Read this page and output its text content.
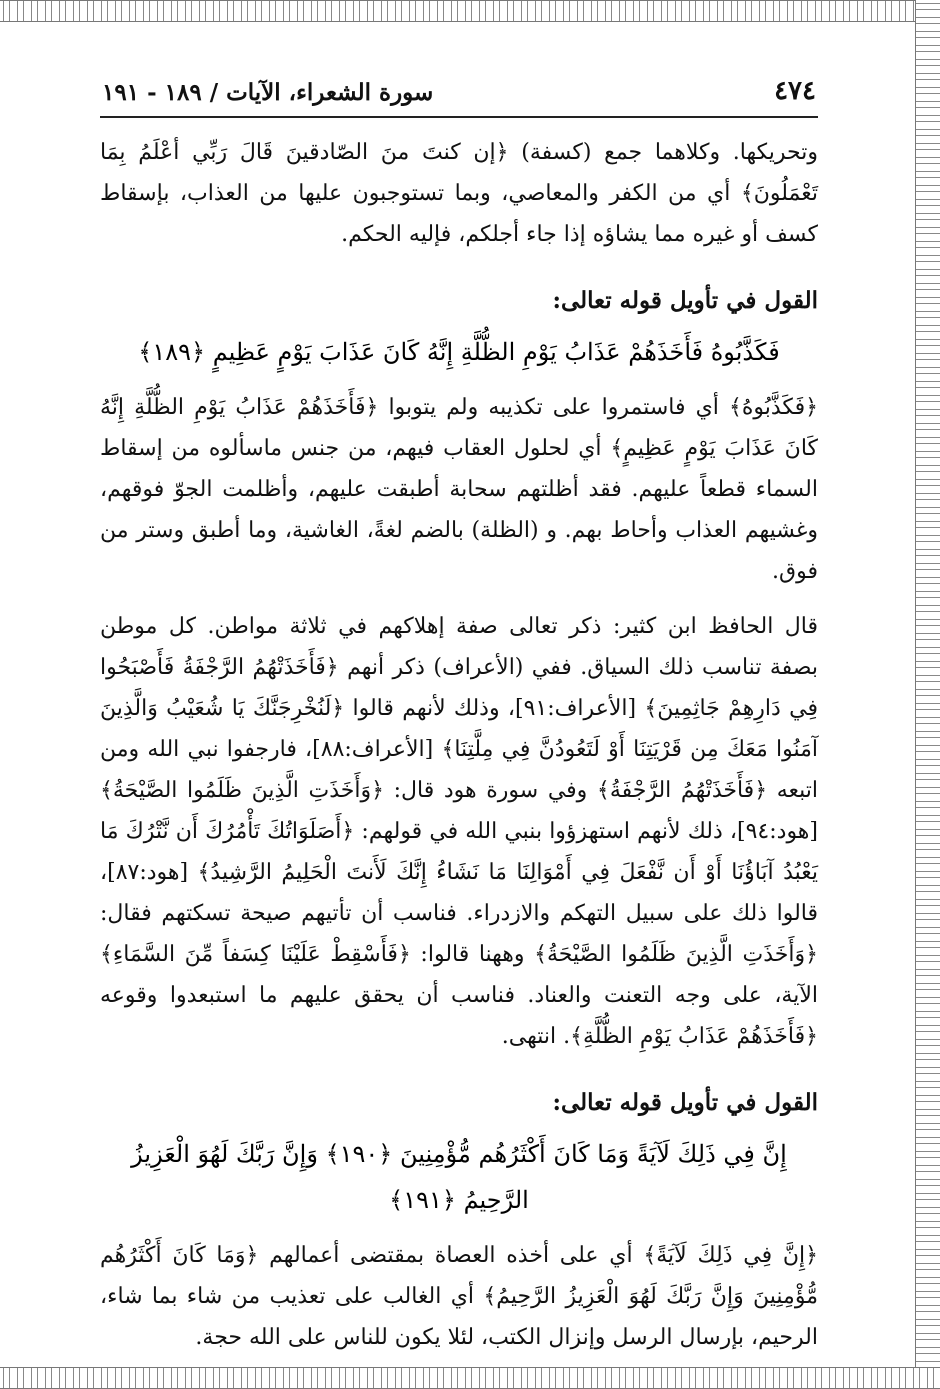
٤٧٤
سورة الشعراء، الآيات / ١٨٩ - ١٩١

وتحريكها. وكلاهما جمع (كسفة) ﴿إن كنتَ منَ الصّادقينَ قَالَ رَبِّي أعْلَمُ بِمَا تَعْمَلُونَ﴾ أي من الكفر والمعاصي، وبما تستوجبون عليها من العذاب، بإسقاط كسف أو غيره مما يشاؤه إذا جاء أجلكم، فإليه الحكم.

القول في تأويل قوله تعالى:
فَكَذَّبُوهُ فَأَخَذَهُمْ عَذَابُ يَوْمِ الظُّلَّةِ إِنَّهُ كَانَ عَذَابَ يَوْمٍ عَظِيمٍ ﴿١٨٩﴾

﴿فَكَذَّبُوهُ﴾ أي فاستمروا على تكذيبه ولم يتوبوا ﴿فَأَخَذَهُمْ عَذَابُ يَوْمِ الظُّلَّةِ إِنَّهُ كَانَ عَذَابَ يَوْمٍ عَظِيمٍ﴾ أي لحلول العقاب فيهم، من جنس ماسألوه من إسقاط السماء قطعاً عليهم. فقد أظلتهم سحابة أطبقت عليهم، وأظلمت الجوّ فوقهم، وغشيهم العذاب وأحاط بهم. و (الظلة) بالضم لغةً، الغاشية، وما أطبق وستر من فوق.

قال الحافظ ابن كثير: ذكر تعالى صفة إهلاكهم في ثلاثة مواطن. كل موطن بصفة تناسب ذلك السياق. ففي (الأعراف) ذكر أنهم ﴿فَأَخَذَتْهُمُ الرَّجْفَةُ فَأَصْبَحُوا فِي دَارِهِمْ جَاثِمِينَ﴾ [الأعراف:٩١]، وذلك لأنهم قالوا ﴿لَنُخْرِجَنَّكَ يَا شُعَيْبُ وَالَّذِينَ آمَنُوا مَعَكَ مِن قَرْيَتِنَا أَوْ لَتَعُودُنَّ فِي مِلَّتِنَا﴾ [الأعراف:٨٨]، فارجفوا نبي الله ومن اتبعه ﴿فَأَخَذَتْهُمُ الرَّجْفَةُ﴾ وفي سورة هود قال: ﴿وَأَخَذَتِ الَّذِينَ ظَلَمُوا الصَّيْحَةُ﴾ [هود:٩٤]، ذلك لأنهم استهزؤوا بنبي الله في قولهم: ﴿أَصَلَوَاتُكَ تَأْمُرُكَ أَن نَّتْرُكَ مَا يَعْبُدُ آبَاؤُنَا أَوْ أَن نَّفْعَلَ فِي أَمْوَالِنَا مَا نَشَاءُ إِنَّكَ لَأَنتَ الْحَلِيمُ الرَّشِيدُ﴾ [هود:٨٧]، قالوا ذلك على سبيل التهكم والازدراء. فناسب أن تأتيهم صيحة تسكتهم فقال: ﴿وَأَخَذَتِ الَّذِينَ ظَلَمُوا الصَّيْحَةُ﴾ وههنا قالوا: ﴿فَأَسْقِطْ عَلَيْنَا كِسَفاً مِّنَ السَّمَاءِ﴾ الآية، على وجه التعنت والعناد. فناسب أن يحقق عليهم ما استبعدوا وقوعه ﴿فَأَخَذَهُمْ عَذَابُ يَوْمِ الظُّلَّةِ﴾. انتهى.

القول في تأويل قوله تعالى:
إِنَّ فِي ذَلِكَ لَآيَةً وَمَا كَانَ أَكْثَرُهُم مُّؤْمِنِينَ ﴿١٩٠﴾ وَإِنَّ رَبَّكَ لَهُوَ الْعَزِيزُ الرَّحِيمُ ﴿١٩١﴾

﴿إِنَّ فِي ذَلِكَ لَآيَةً﴾ أي على أخذه العصاة بمقتضى أعمالهم ﴿وَمَا كَانَ أَكْثَرُهُم مُّؤْمِنِينَ وَإِنَّ رَبَّكَ لَهُوَ الْعَزِيزُ الرَّحِيمُ﴾ أي الغالب على تعذيب من شاء بما شاء، الرحيم، بإرسال الرسل وإنزال الكتب، لئلا يكون للناس على الله حجة.
